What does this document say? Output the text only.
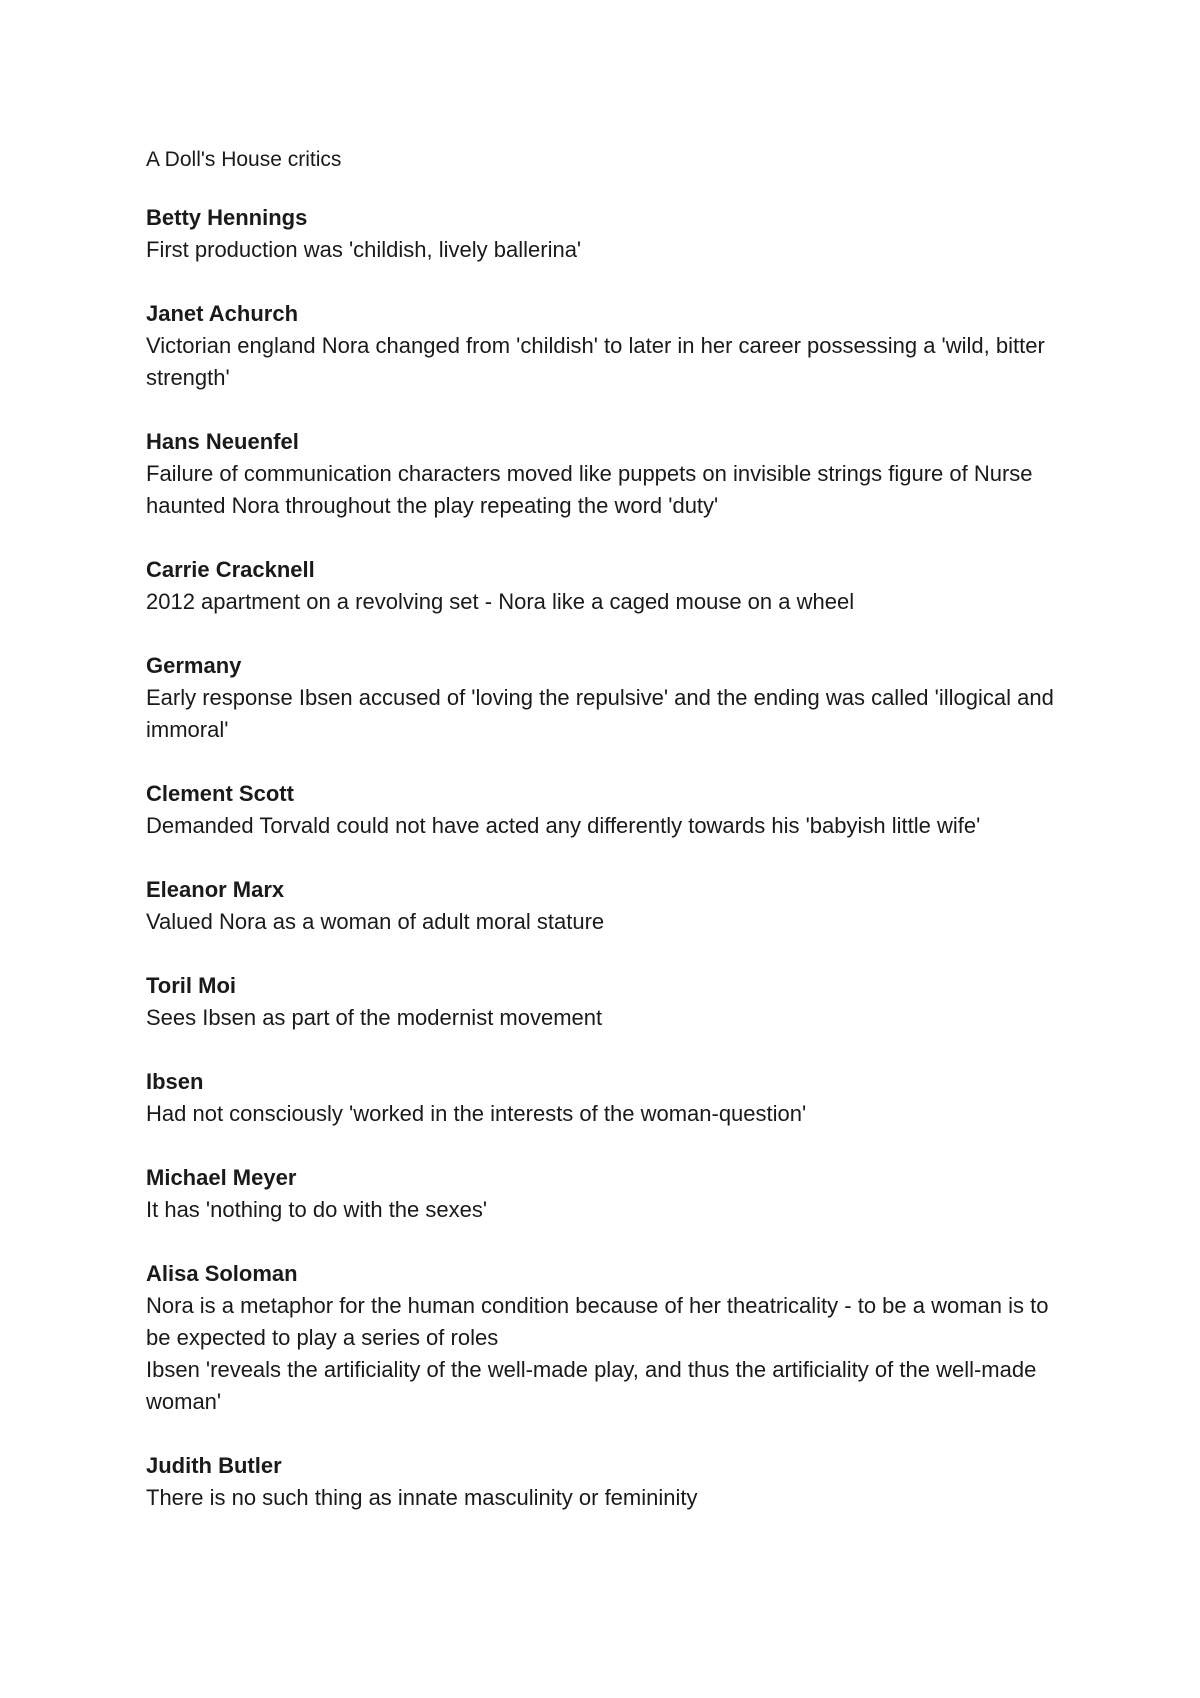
A Doll's House critics
Betty Hennings
First production was 'childish, lively ballerina'
Janet Achurch
Victorian england Nora changed from 'childish' to later in her career possessing a 'wild, bitter strength'
Hans Neuenfel
Failure of communication characters moved like puppets on invisible strings figure of Nurse haunted Nora throughout the play repeating the word 'duty'
Carrie Cracknell
2012 apartment on a revolving set - Nora like a caged mouse on a wheel
Germany
Early response Ibsen accused of 'loving the repulsive' and the ending was called 'illogical and immoral'
Clement Scott
Demanded Torvald could not have acted any differently towards his 'babyish little wife'
Eleanor Marx
Valued Nora as a woman of adult moral stature
Toril Moi
Sees Ibsen as part of the modernist movement
Ibsen
Had not consciously 'worked in the interests of the woman-question'
Michael Meyer
It has 'nothing to do with the sexes'
Alisa Soloman
Nora is a metaphor for the human condition because of her theatricality - to be a woman is to be expected to play a series of roles
Ibsen 'reveals the artificiality of the well-made play, and thus the artificiality of the well-made woman'
Judith Butler
There is no such thing as innate masculinity or femininity
